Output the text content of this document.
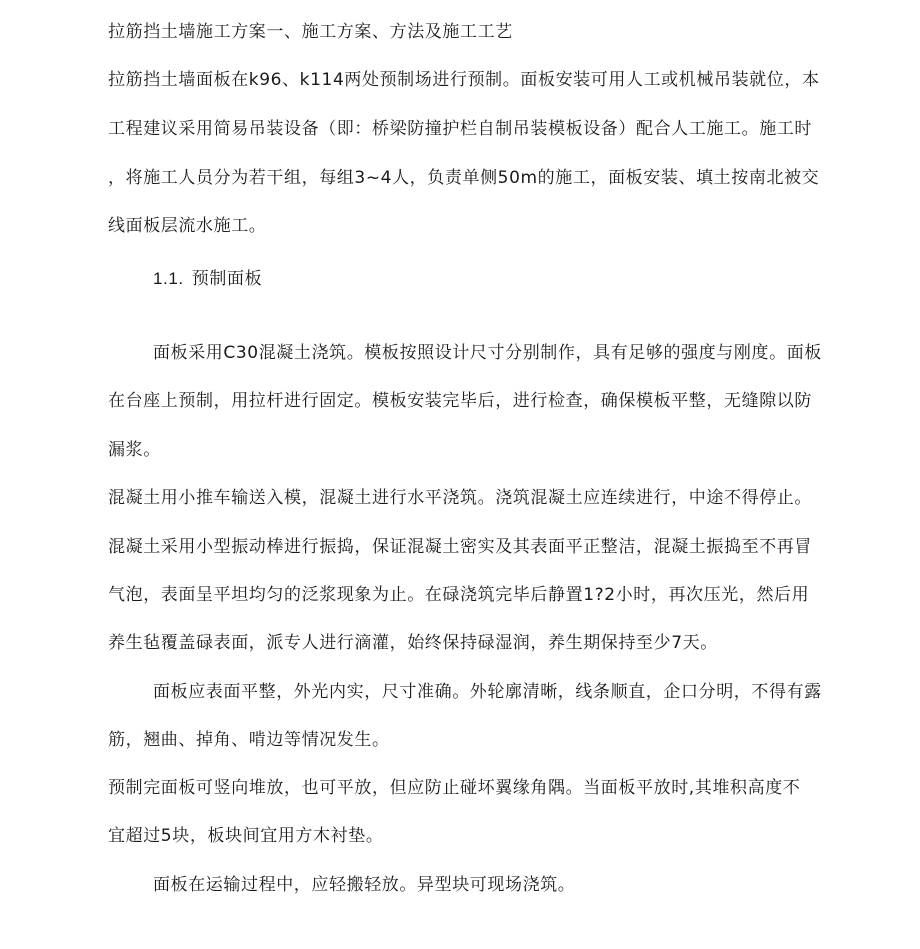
拉筋挡土墙施工方案一、施工方案、方法及施工工艺
拉筋挡土墙面板在k96、k114两处预制场进行预制。面板安装可用人工或机械吊装就位，本
工程建议采用简易吊装设备（即：桥梁防撞护栏自制吊装模板设备）配合人工施工。施工时
，将施工人员分为若干组，每组3~4人，负责单侧50m的施工，面板安装、填土按南北被交
线面板层流水施工。
1.1. 预制面板
面板采用C30混凝土浇筑。模板按照设计尺寸分别制作，具有足够的强度与刚度。面板
在台座上预制，用拉杆进行固定。模板安装完毕后，进行检查，确保模板平整，无缝隙以防
漏浆。
混凝土用小推车输送入模，混凝土进行水平浇筑。浇筑混凝土应连续进行，中途不得停止。
混凝土采用小型振动棒进行振捣，保证混凝土密实及其表面平正整洁，混凝土振捣至不再冒
气泡，表面呈平坦均匀的泛浆现象为止。在碌浇筑完毕后静置1?2小时，再次压光，然后用
养生毡覆盖碌表面，派专人进行滴灌，始终保持碌湿润，养生期保持至少7天。
面板应表面平整，外光内实，尺寸准确。外轮廓清晰，线条顺直，企口分明，不得有露
筋，翘曲、掉角、啃边等情况发生。
预制完面板可竖向堆放，也可平放，但应防止碰坏翼缘角隅。当面板平放时,其堆积高度不
宜超过5块，板块间宜用方木衬垫。
面板在运输过程中，应轻搬轻放。异型块可现场浇筑。
